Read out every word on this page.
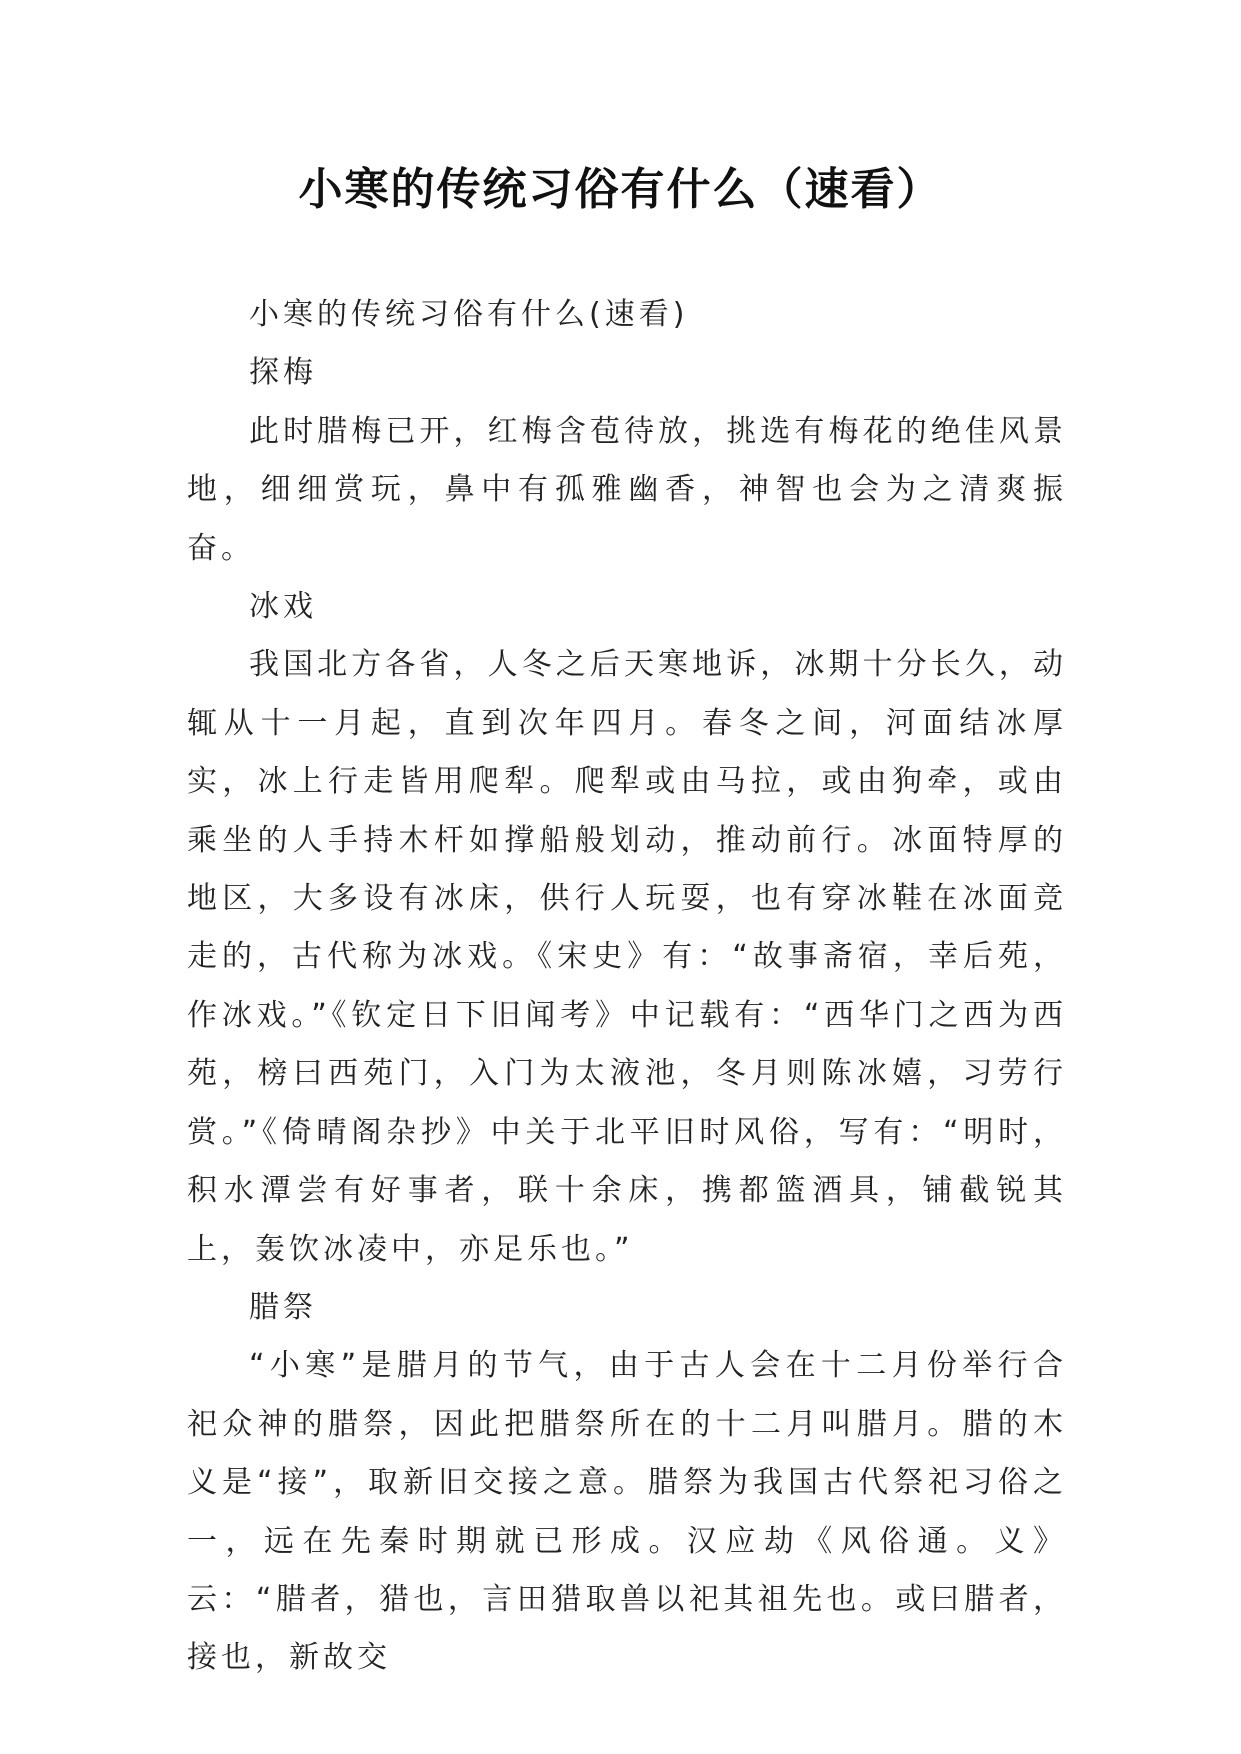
小寒的传统习俗有什么（速看）

小寒的传统习俗有什么(速看)

探梅

此时腊梅已开，红梅含苞待放，挑选有梅花的绝佳风景地，细细赏玩，鼻中有孤雅幽香，神智也会为之清爽振奋。

冰戏

我国北方各省，人冬之后天寒地诉，冰期十分长久，动辄从十一月起，直到次年四月。春冬之间，河面结冰厚实，冰上行走皆用爬犁。爬犁或由马拉，或由狗牵，或由乘坐的人手持木杆如撑船般划动，推动前行。冰面特厚的地区，大多设有冰床，供行人玩耍，也有穿冰鞋在冰面竞走的，古代称为冰戏。《宋史》有：“故事斋宿，幸后苑，作冰戏。”《钦定日下旧闻考》中记载有：“西华门之西为西苑，榜曰西苑门，入门为太液池，冬月则陈冰嬉，习劳行赏。”《倚晴阁杂抄》中关于北平旧时风俗，写有：“明时，积水潭尝有好事者，联十余床，携都篮酒具，铺截锐其上，轰饮冰凌中，亦足乐也。”

腊祭

“小寒”是腊月的节气，由于古人会在十二月份举行合祀众神的腊祭，因此把腊祭所在的十二月叫腊月。腊的木义是“接”，取新旧交接之意。腊祭为我国古代祭祀习俗之一，远在先秦时期就已形成。汉应劫《风俗通。义》云：“腊者，猎也，言田猎取兽以祀其祖先也。或曰腊者，接也，新故交
